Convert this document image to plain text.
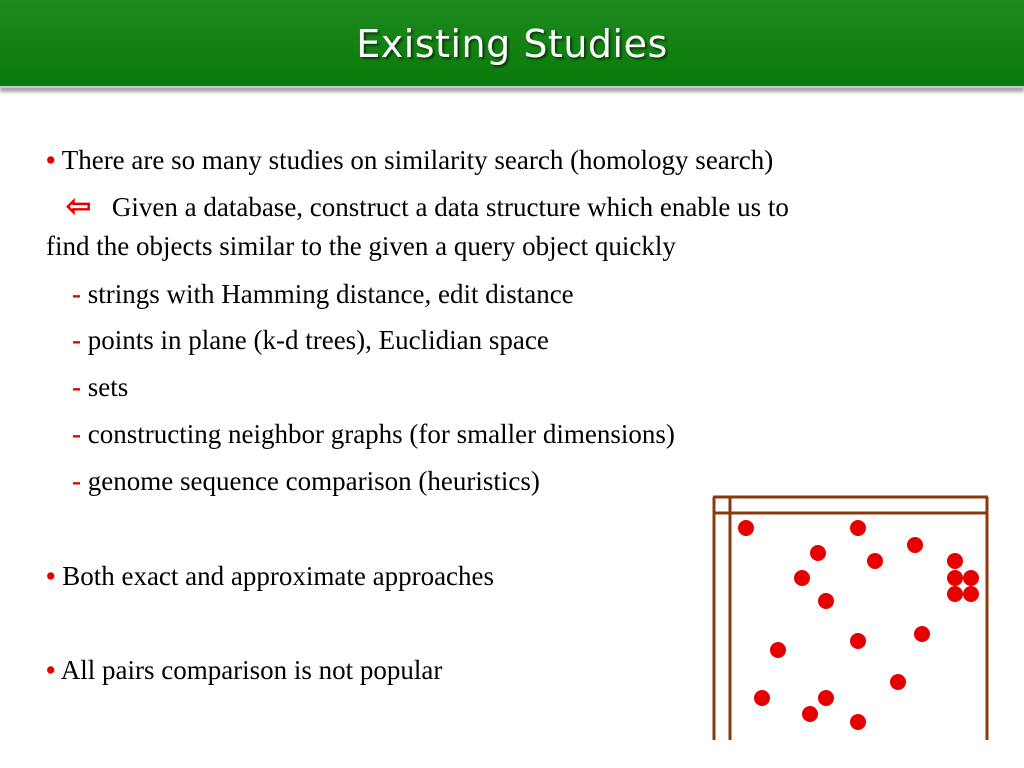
Existing Studies
• There are so many studies on similarity search (homology search)
⇦ Given a database, construct a data structure which enable us to
find the objects similar to the given a query object quickly
- strings with Hamming distance, edit distance
- points in plane (k-d trees), Euclidian space
- sets
- constructing neighbor graphs (for smaller dimensions)
- genome sequence comparison (heuristics)
• Both exact and approximate approaches
• All pairs comparison is not popular
